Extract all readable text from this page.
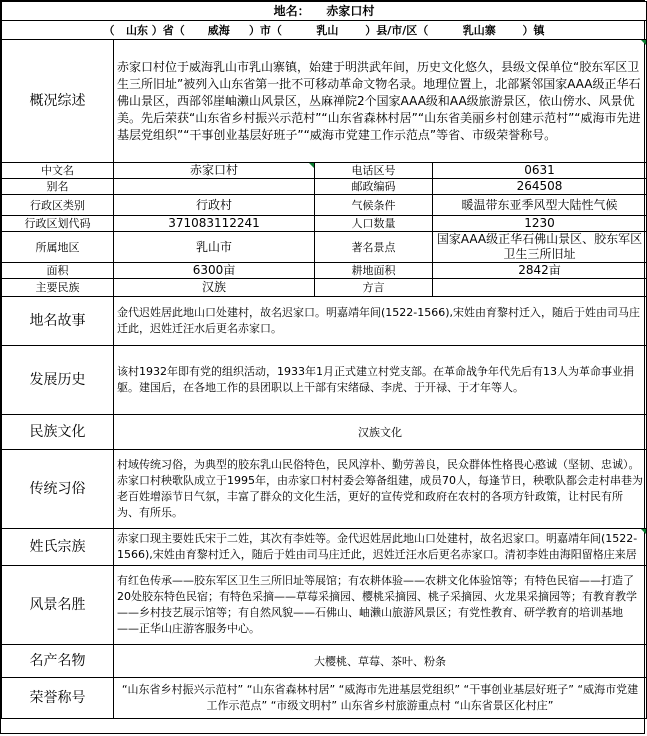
地名： 赤家口村			
（ 山东 ）省（ 威海 ）市（ 乳山 ）县/市/区（ 乳山寨 ）镇			
概况综述	赤家口村位于威海乳山市乳山寨镇，始建于明洪武年间，历史文化悠久，县级文保单位“胶东军区卫生三所旧址”被列入山东省第一批不可移动革命文物名录。地理位置上，北部紧邻国家AAA级正华石佛山景区，西部邻崖岫濑山风景区，丛麻禅院2个国家AAA级和AA级旅游景区，依山傍水、风景优美。先后荣获“山东省乡村振兴示范村”“山东省森林村居”“山东省美丽乡村创建示范村”“威海市先进基层党组织”“干事创业基层好班子”“威海市党建工作示范点”等省、市级荣誉称号。		
中文名	赤家口村	电话区号	0631
别名		邮政编码	264508
行政区类别	行政村	气候条件	暖温带东亚季风型大陆性气候
行政区划代码	371083112241	人口数量	1230
所属地区	乳山市	著名景点	国家AAA级正华石佛山景区、胶东军区卫生三所旧址
面积	6300亩	耕地面积	2842亩
主要民族	汉族	方言	
地名故事	金代迟姓居此地山口处建村，故名迟家口。明嘉靖年间(1522-1566),宋姓由育黎村迁入，随后于姓由司马庄迁此，迟姓迁汪水后更名赤家口。		
发展历史	该村1932年即有党的组织活动，1933年1月正式建立村党支部。在革命战争年代先后有13人为革命事业捐躯。建国后，在各地工作的县团职以上干部有宋绪碌、李虎、于开禄、于才年等人。		
民族文化	汉族文化		
传统习俗	村域传统习俗，为典型的胶东乳山民俗特色，民风淳朴、勤劳善良，民众群体性格畏心憨诚（坚韧、忠诚）。赤家口村秧歌队成立于1995年，由赤家口村村委会筹备组建，成员70人，每逢节日，秧歌队都会走村串巷为老百姓增添节日气氛，丰富了群众的文化生活，更好的宣传党和政府在农村的各项方针政策，让村民有所为、有所乐。		
姓氏宗族	赤家口现主要姓氏宋于二姓，其次有李姓等。金代迟姓居此地山口处建村，故名迟家口。明嘉靖年间(1522-1566),宋姓由育黎村迁入，随后于姓由司马庄迁此，迟姓迁汪水后更名赤家口。清初李姓由海阳留格庄来居		
风景名胜	有红色传承——胶东军区卫生三所旧址等展馆；有农耕体验——农耕文化体验馆等；有特色民宿——打造了20处胶东特色民宿；有特色采摘——草莓采摘园、樱桃采摘园、桃子采摘园、火龙果采摘园等；有教育教学——乡村技艺展示馆等；有自然风貌——石佛山、岫濑山旅游风景区；有党性教育、研学教育的培训基地——正华山庄游客服务中心。		
名产名物	大樱桃、草莓、茶叶、粉条		
荣誉称号	“山东省乡村振兴示范村” “山东省森林村居” “威海市先进基层党组织” “干事创业基层好班子” “威海市党建工作示范点” “市级文明村” 山东省乡村旅游重点村 “山东省景区化村庄”		
